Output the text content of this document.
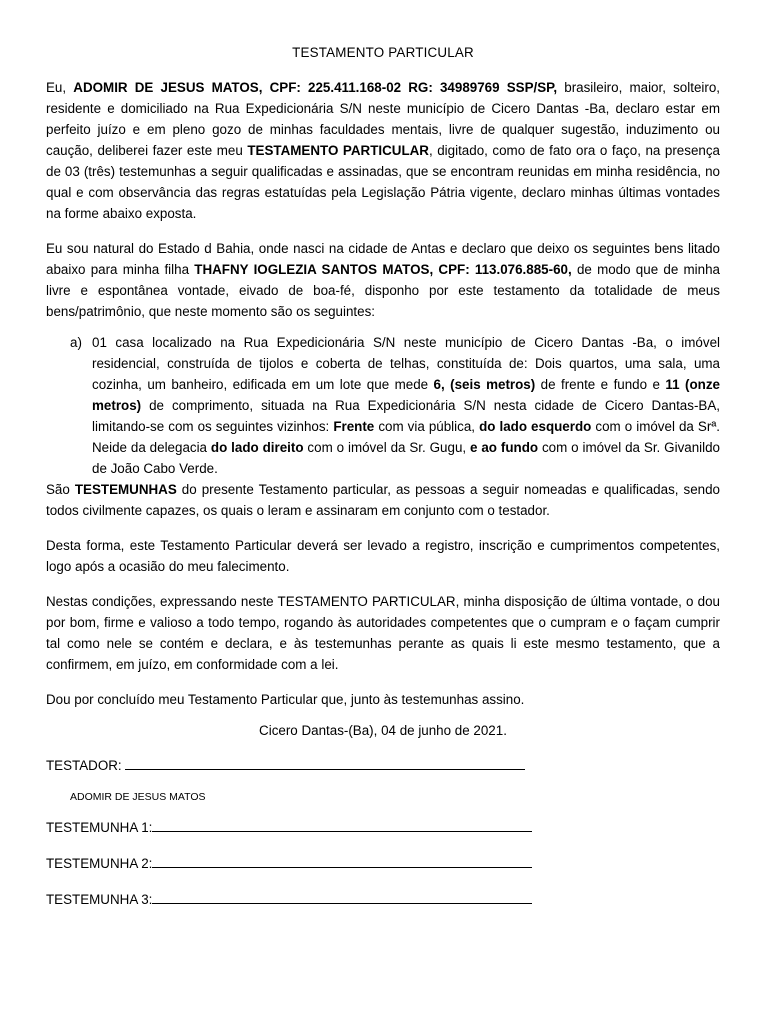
TESTAMENTO PARTICULAR

Eu, ADOMIR DE JESUS MATOS, CPF: 225.411.168-02 RG: 34989769 SSP/SP, brasileiro, maior, solteiro, residente e domiciliado na Rua Expedicionária S/N neste município de Cicero Dantas -Ba, declaro estar em perfeito juízo e em pleno gozo de minhas faculdades mentais, livre de qualquer sugestão, induzimento ou caução, deliberei fazer este meu TESTAMENTO PARTICULAR, digitado, como de fato ora o faço, na presença de 03 (três) testemunhas a seguir qualificadas e assinadas, que se encontram reunidas em minha residência, no qual e com observância das regras estatuídas pela Legislação Pátria vigente, declaro minhas últimas vontades na forme abaixo exposta.

Eu sou natural do Estado d Bahia, onde nasci na cidade de Antas e declaro que deixo os seguintes bens litado abaixo para minha filha THAFNY IOGLEZIA SANTOS MATOS, CPF: 113.076.885-60, de modo que de minha livre e espontânea vontade, eivado de boa-fé, disponho por este testamento da totalidade de meus bens/patrimônio, que neste momento são os seguintes:

a) 01 casa localizado na Rua Expedicionária S/N neste município de Cicero Dantas -Ba, o imóvel residencial, construída de tijolos e coberta de telhas, constituída de: Dois quartos, uma sala, uma cozinha, um banheiro, edificada em um lote que mede 6, (seis metros) de frente e fundo e 11 (onze metros) de comprimento, situada na Rua Expedicionária S/N nesta cidade de Cicero Dantas-BA, limitando-se com os seguintes vizinhos: Frente com via pública, do lado esquerdo com o imóvel da Srª. Neide da delegacia do lado direito com o imóvel da Sr. Gugu, e ao fundo com o imóvel da Sr. Givanildo de João Cabo Verde.

São TESTEMUNHAS do presente Testamento particular, as pessoas a seguir nomeadas e qualificadas, sendo todos civilmente capazes, os quais o leram e assinaram em conjunto com o testador.

Desta forma, este Testamento Particular deverá ser levado a registro, inscrição e cumprimentos competentes, logo após a ocasião do meu falecimento.

Nestas condições, expressando neste TESTAMENTO PARTICULAR, minha disposição de última vontade, o dou por bom, firme e valioso a todo tempo, rogando às autoridades competentes que o cumpram e o façam cumprir tal como nele se contém e declara, e às testemunhas perante as quais li este mesmo testamento, que a confirmem, em juízo, em conformidade com a lei.

Dou por concluído meu Testamento Particular que, junto às testemunhas assino.

Cicero Dantas-(Ba), 04 de junho de 2021.
TESTADOR:
ADOMIR DE JESUS MATOS
TESTEMUNHA 1:
TESTEMUNHA 2:
TESTEMUNHA 3:
